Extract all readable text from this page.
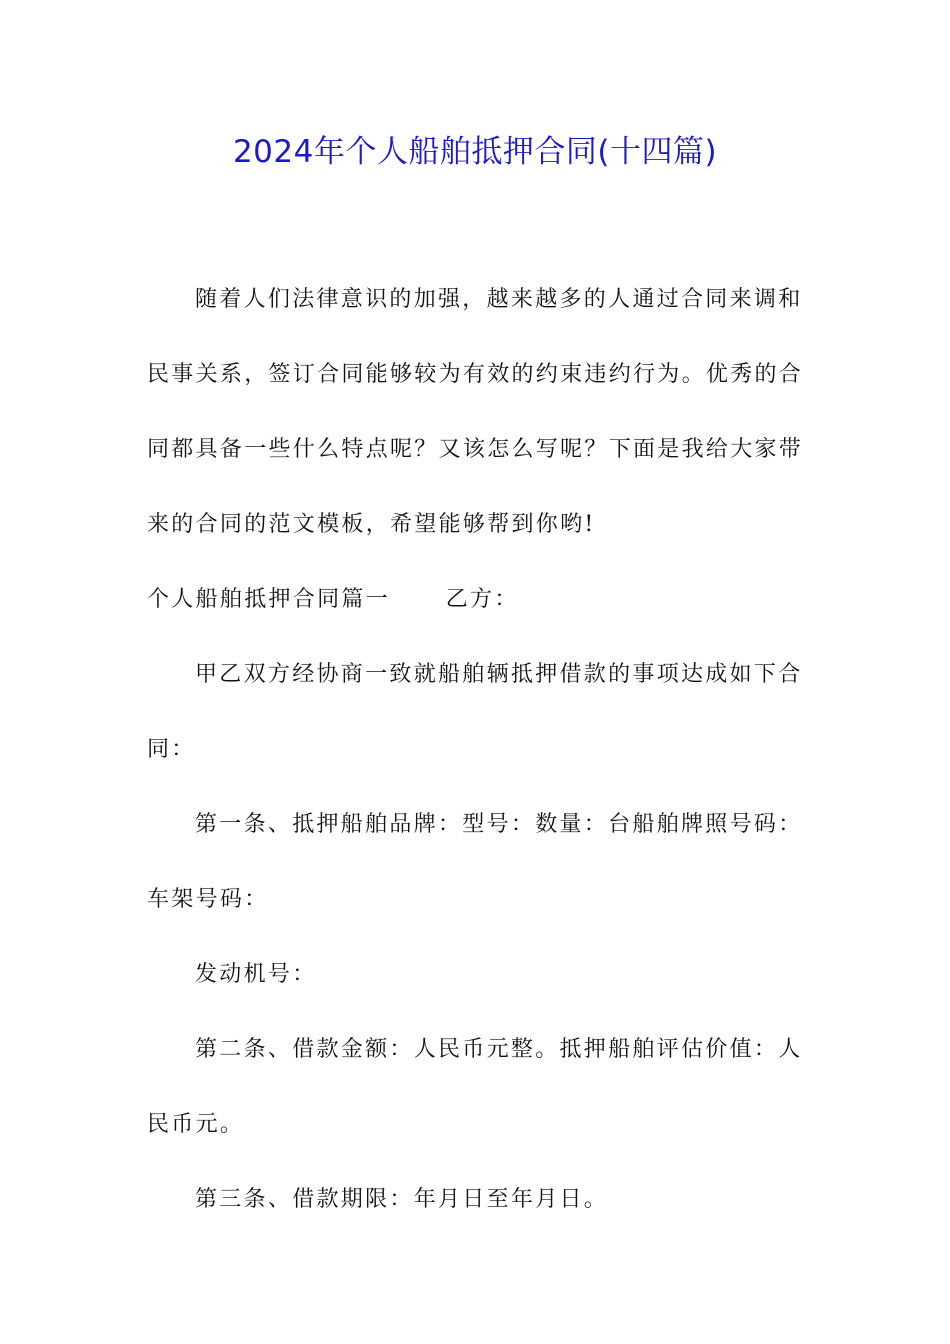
2024年个人船舶抵押合同(十四篇)

随着人们法律意识的加强，越来越多的人通过合同来调和民事关系，签订合同能够较为有效的约束违约行为。优秀的合同都具备一些什么特点呢？又该怎么写呢？下面是我给大家带来的合同的范文模板，希望能够帮到你哟!

个人船舶抵押合同篇一      乙方：

甲乙双方经协商一致就船舶辆抵押借款的事项达成如下合同：

第一条、抵押船舶品牌：型号：数量：台船舶牌照号码：车架号码：

发动机号：

第二条、借款金额：人民币元整。抵押船舶评估价值：人民币元。

第三条、借款期限：年月日至年月日。
